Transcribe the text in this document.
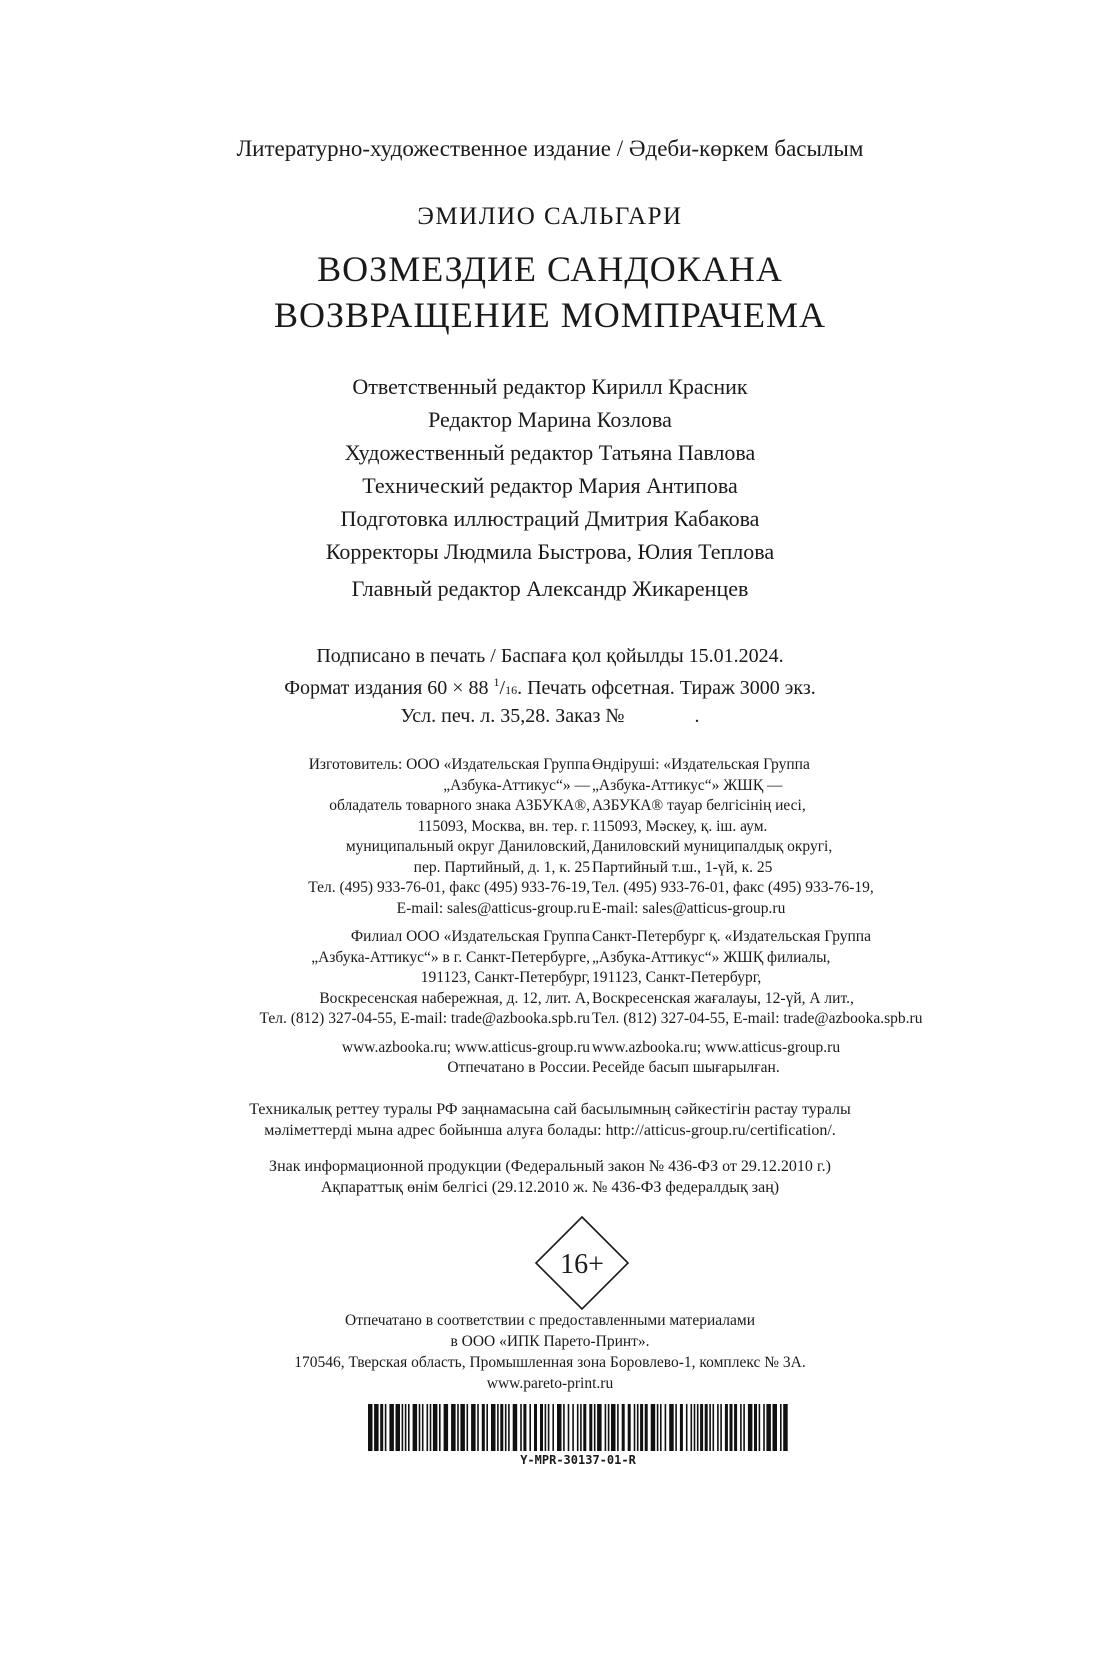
Литературно-художественное издание / Әдеби-көркем басылым
ЭМИЛИО САЛЬГАРИ
ВОЗМЕЗДИЕ САНДОКАНА
ВОЗВРАЩЕНИЕ МОМПРАЧЕМА
Ответственный редактор Кирилл Красник
Редактор Марина Козлова
Художественный редактор Татьяна Павлова
Технический редактор Мария Антипова
Подготовка иллюстраций Дмитрия Кабакова
Корректоры Людмила Быстрова, Юлия Теплова
Главный редактор Александр Жикаренцев
Подписано в печать / Баспаға қол қойылды 15.01.2024.
Формат издания 60 × 88 $^1$/16. Печать офсетная. Тираж 3000 экз.
Усл. печ. л. 35,28. Заказ №              .
Изготовитель: ООО «Издательская Группа
„Азбука-Аттикус“» —
обладатель товарного знака АЗБУКА®,
115093, Москва, вн. тер. г.
муниципальный округ Даниловский,
пер. Партийный, д. 1, к. 25
Тел. (495) 933-76-01, факс (495) 933-76-19,
E-mail: sales@atticus-group.ru
Филиал ООО «Издательская Группа
„Азбука-Аттикус“» в г. Санкт-Петербурге,
191123, Санкт-Петербург,
Воскресенская набережная, д. 12, лит. А,
Тел. (812) 327-04-55, E-mail: trade@azbooka.spb.ru
www.azbooka.ru; www.atticus-group.ru
Отпечатано в России.
Өндіруші: «Издательская Группа
„Азбука-Аттикус“» ЖШҚ —
АЗБУКА® тауар белгісінің иесі,
115093, Мәскеу, қ. іш. аум.
Даниловский муниципалдық округі,
Партийный т.ш., 1-үй, к. 25
Тел. (495) 933-76-01, факс (495) 933-76-19,
E-mail: sales@atticus-group.ru
Санкт-Петербург қ. «Издательская Группа
„Азбука-Аттикус“» ЖШҚ филиалы,
191123, Санкт-Петербург,
Воскресенская жағалауы, 12-үй, А лит.,
Тел. (812) 327-04-55, E-mail: trade@azbooka.spb.ru
www.azbooka.ru; www.atticus-group.ru
Ресейде басып шығарылған.
Техникалық реттеу туралы РФ заңнамасына сай басылымның сәйкестігін растау туралы
мәліметтерді мына адрес бойынша алуға болады: http://atticus-group.ru/certification/.
Знак информационной продукции (Федеральный закон № 436-ФЗ от 29.12.2010 г.)
Ақпараттық өнім белгісі (29.12.2010 ж. № 436-ФЗ федералдық заң)
16+
Отпечатано в соответствии с предоставленными материалами
в ООО «ИПК Парето-Принт».
170546, Тверская область, Промышленная зона Боровлево-1, комплекс № 3А.
www.pareto-print.ru
Y-MPR-30137-01-R
